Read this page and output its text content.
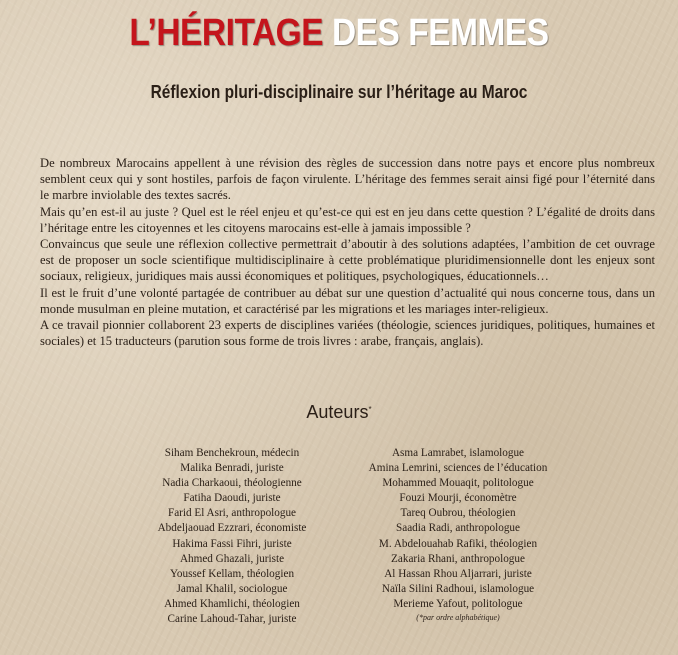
L’HÉRITAGE DES FEMMES
Réflexion pluri-disciplinaire sur l’héritage au Maroc

De nombreux Marocains appellent à une révision des règles de succession dans notre pays et encore plus nombreux semblent ceux qui y sont hostiles, parfois de façon virulente. L’héritage des femmes serait ainsi figé pour l’éternité dans le marbre inviolable des textes sacrés.

Mais qu’en est-il au juste ? Quel est le réel enjeu et qu’est-ce qui est en jeu dans cette question ? L’égalité de droits dans l’héritage entre les citoyennes et les citoyens marocains est-elle à jamais impossible ?

Convaincus que seule une réflexion collective permettrait d’aboutir à des solutions adaptées, l’ambition de cet ouvrage est de proposer un socle scientifique multidisciplinaire à cette problématique pluridimensionnelle dont les enjeux sont sociaux, religieux, juridiques mais aussi économiques et politiques, psychologiques, éducationnels…

Il est le fruit d’une volonté partagée de contribuer au débat sur une question d’actualité qui nous concerne tous, dans un monde musulman en pleine mutation, et caractérisé par les migrations et les mariages inter-religieux.

A ce travail pionnier collaborent 23 experts de disciplines variées (théologie, sciences juridiques, politiques, humaines et sociales) et 15 traducteurs (parution sous forme de trois livres : arabe, français, anglais).

Auteurs*
Siham Benchekroun, médecin
Malika Benradi, juriste
Nadia Charkaoui, théologienne
Fatiha Daoudi, juriste
Farid El Asri, anthropologue
Abdeljaouad Ezzrari, économiste
Hakima Fassi Fihri, juriste
Ahmed Ghazali, juriste
Youssef Kellam, théologien
Jamal Khalil, sociologue
Ahmed Khamlichi, théologien
Carine Lahoud-Tahar, juriste
Asma Lamrabet, islamologue
Amina Lemrini, sciences de l’éducation
Mohammed Mouaqit, politologue
Fouzi Mourji, économètre
Tareq Oubrou, théologien
Saadia Radi, anthropologue
M. Abdelouahab Rafiki, théologien
Zakaria Rhani, anthropologue
Al Hassan Rhou Aljarrari, juriste
Naïla Silini Radhoui, islamologue
Merieme Yafout, politologue
(*par ordre alphabétique)
